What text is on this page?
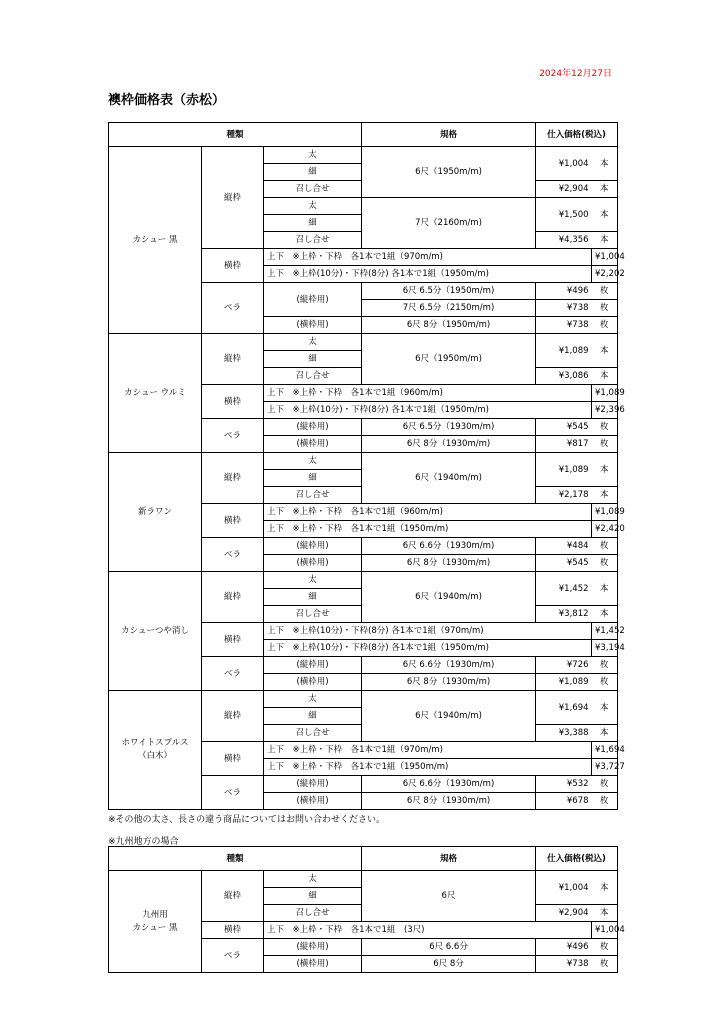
2024年12月27日
襖枠価格表（赤松）
種類			規格	仕入価格(税込)		
カシュー 黒	縦枠	太	6尺（1950m/m)	¥1,004	本	
		細				
		召し合せ		¥2,904	本	
		太	7尺（2160m/m)	¥1,500	本	
		細				
		召し合せ		¥4,356	本	
	横枠	上下　※上枠・下枠　各1本で1組（970m/m)			¥1,004	
		上下　※上枠(10分)・下枠(8分) 各1本で1組（1950m/m)			¥2,202	
	ベラ	(縦枠用)	6尺 6.5分（1950m/m)	¥496	枚	
			7尺 6.5分（2150m/m)	¥738	枚	
		(横枠用)	6尺 8分（1950m/m)	¥738	枚	
カシュー ウルミ	縦枠	太	6尺（1950m/m)	¥1,089	本	
		細				
		召し合せ		¥3,086	本	
	横枠	上下　※上枠・下枠　各1本で1組（960m/m)			¥1,089	
		上下　※上枠(10分)・下枠(8分) 各1本で1組（1950m/m)			¥2,396	
	ベラ	(縦枠用)	6尺 6.5分（1930m/m)	¥545	枚	
		(横枠用)	6尺 8分（1930m/m)	¥817	枚	
新ラワン	縦枠	太	6尺（1940m/m)	¥1,089	本	
		細				
		召し合せ		¥2,178	本	
	横枠	上下　※上枠・下枠　各1本で1組（960m/m)			¥1,089	
		上下　※上枠・下枠　各1本で1組（1950m/m)			¥2,420	
	ベラ	(縦枠用)	6尺 6.6分（1930m/m)	¥484	枚	
		(横枠用)	6尺 8分（1930m/m)	¥545	枚	
カシューつや消し	縦枠	太	6尺（1940m/m)	¥1,452	本	
		細				
		召し合せ		¥3,812	本	
	横枠	上下　※上枠(10分)・下枠(8分) 各1本で1組（970m/m)			¥1,452	
		上下　※上枠(10分)・下枠(8分) 各1本で1組（1950m/m)			¥3,194	
	ベラ	(縦枠用)	6尺 6.6分（1930m/m)	¥726	枚	
		(横枠用)	6尺 8分（1930m/m)	¥1,089	枚	
ホワイトスプルス
（白木）	縦枠	太	6尺（1940m/m)	¥1,694	本	
		細				
		召し合せ		¥3,388	本	
	横枠	上下　※上枠・下枠　各1本で1組（970m/m)			¥1,694	
		上下　※上枠・下枠　各1本で1組（1950m/m)			¥3,727	
	ベラ	(縦枠用)	6尺 6.6分（1930m/m)	¥532	枚	
		(横枠用)	6尺 8分（1930m/m)	¥678	枚	
※その他の太さ、長さの違う商品についてはお問い合わせください。
※九州地方の場合
種類			規格	仕入価格(税込)		
九州用
カシュー 黒	縦枠	太	6尺	¥1,004	本	
		細				
		召し合せ		¥2,904	本	
	横枠	上下　※上枠・下枠　各1本で1組　(3尺)			¥1,004	
	ベラ	(縦枠用)	6尺 6.6分	¥496	枚	
		(横枠用)	6尺 8分	¥738	枚	
